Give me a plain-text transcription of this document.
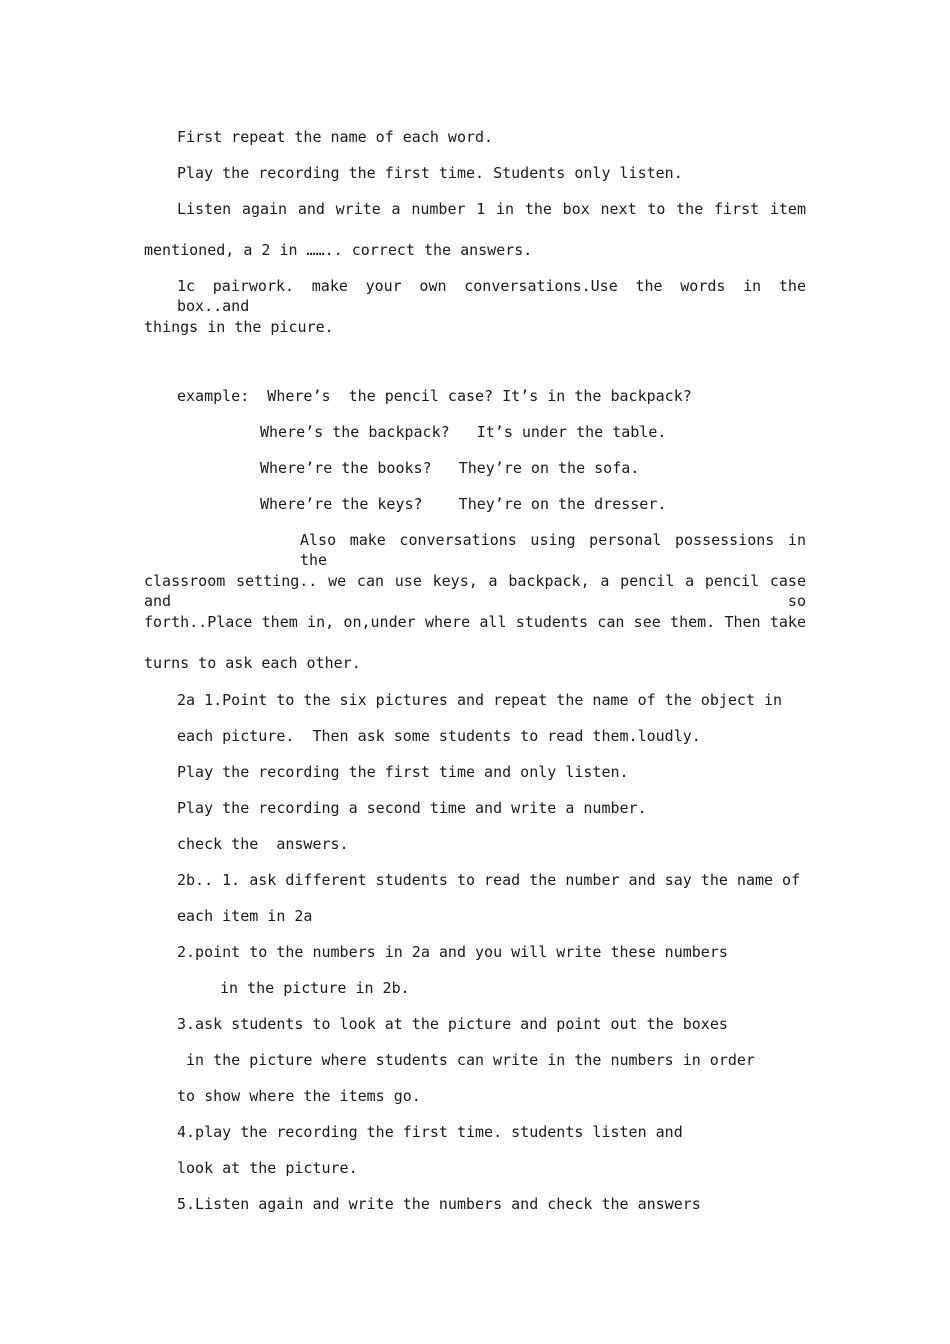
First repeat the name of each word.
Play the recording the first time. Students only listen.
Listen again and write a number 1 in the box next to the first item
mentioned, a 2 in …….. correct the answers.
1c pairwork. make your own conversations.Use the words in the box..and
things in the picure.
example:  Where’s  the pencil case? It’s in the backpack?
Where’s the backpack?   It’s under the table.
Where’re the books?   They’re on the sofa.
Where’re the keys?    They’re on the dresser.
Also make conversations using personal possessions in the
classroom setting.. we can use keys, a backpack, a pencil a pencil case and so
forth..Place them in, on,under where all students can see them. Then take
turns to ask each other.
2a 1.Point to the six pictures and repeat the name of the object in
each picture.  Then ask some students to read them.loudly.
Play the recording the first time and only listen.
Play the recording a second time and write a number.
check the  answers.
2b.. 1. ask different students to read the number and say the name of
each item in 2a
2.point to the numbers in 2a and you will write these numbers
in the picture in 2b.
3.ask students to look at the picture and point out the boxes
in the picture where students can write in the numbers in order
to show where the items go.
4.play the recording the first time. students listen and
look at the picture.
5.Listen again and write the numbers and check the answers
